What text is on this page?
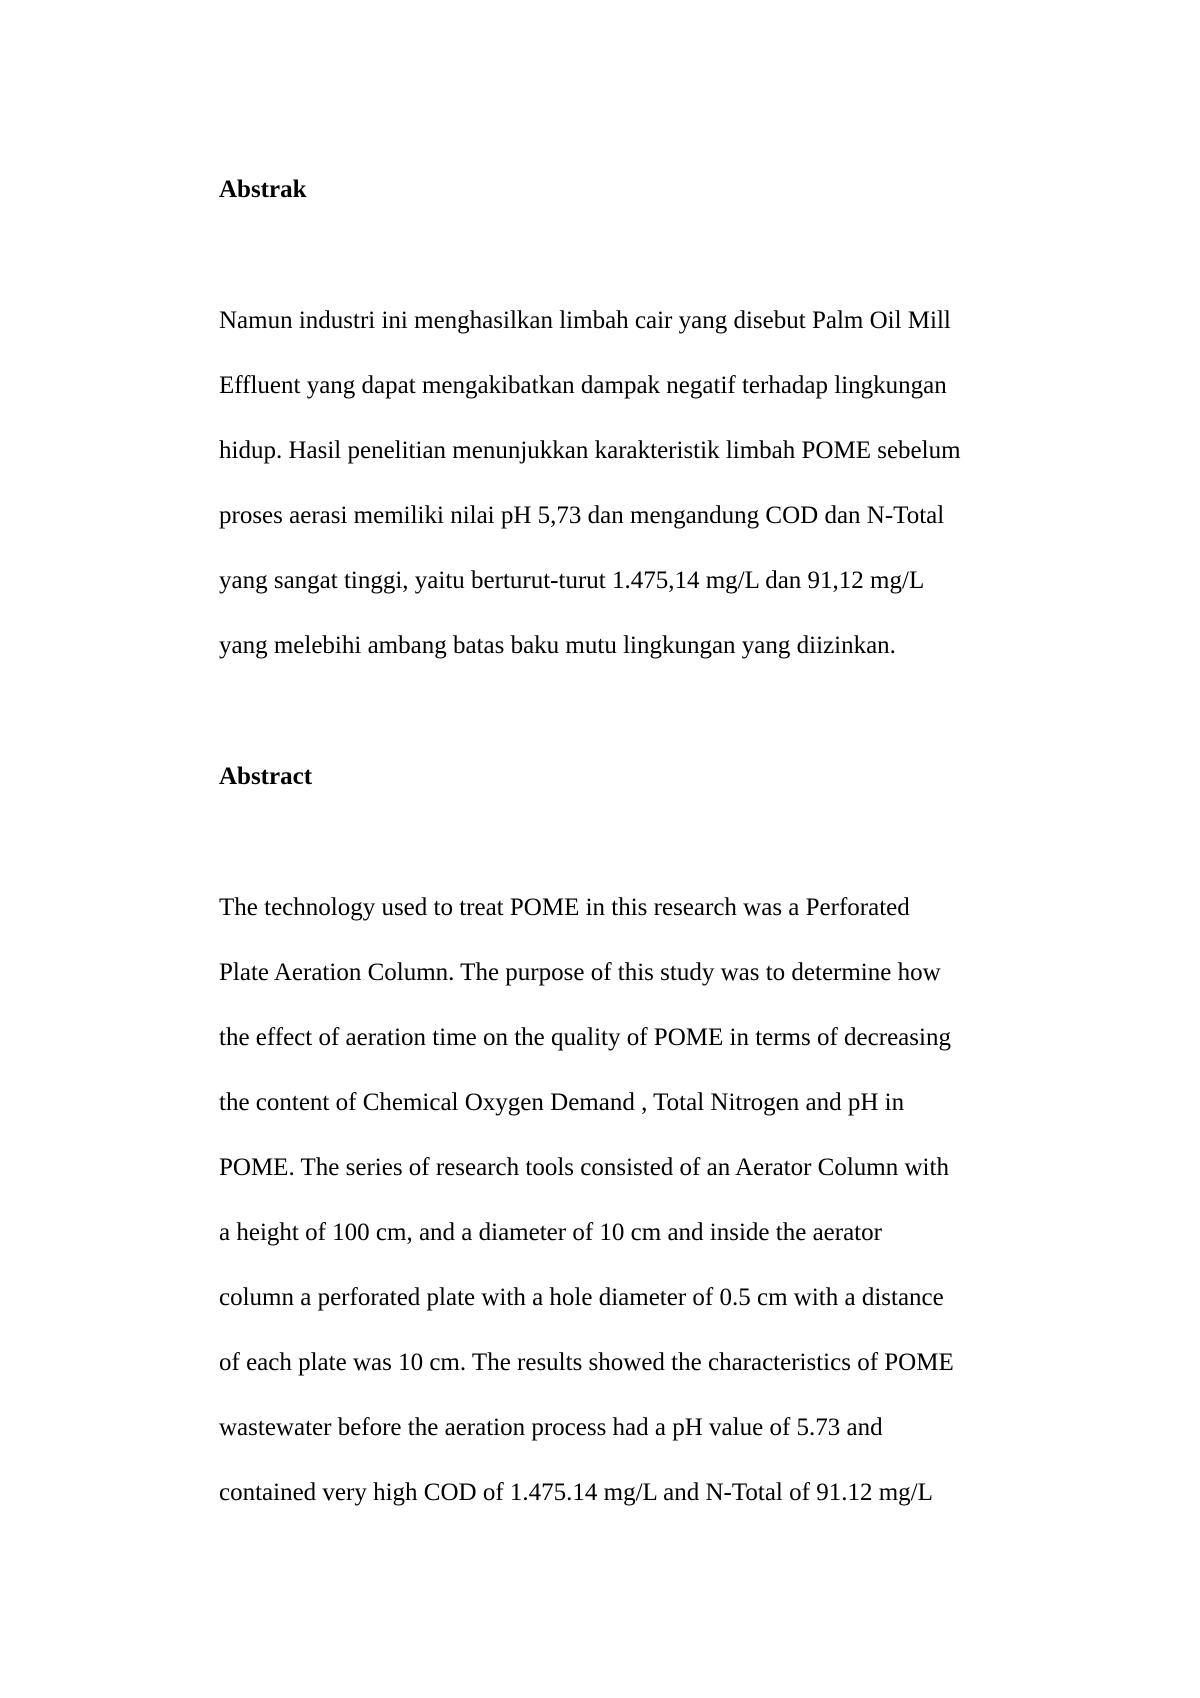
Abstrak

Namun industri ini menghasilkan limbah cair yang disebut Palm Oil Mill

Effluent yang dapat mengakibatkan dampak negatif terhadap lingkungan

hidup. Hasil penelitian menunjukkan karakteristik limbah POME sebelum

proses aerasi memiliki nilai pH 5,73 dan mengandung COD dan N-Total

yang sangat tinggi, yaitu berturut-turut 1.475,14 mg/L dan 91,12 mg/L

yang melebihi ambang batas baku mutu lingkungan yang diizinkan.

Abstract

The technology used to treat POME in this research was a Perforated

Plate Aeration Column. The purpose of this study was to determine how

the effect of aeration time on the quality of POME in terms of decreasing

the content of Chemical Oxygen Demand , Total Nitrogen and pH in

POME. The series of research tools consisted of an Aerator Column with

a height of 100 cm, and a diameter of 10 cm and inside the aerator

column a perforated plate with a hole diameter of 0.5 cm with a distance

of each plate was 10 cm. The results showed the characteristics of POME

wastewater before the aeration process had a pH value of 5.73 and

contained very high COD of 1.475.14 mg/L and N-Total of 91.12 mg/L
